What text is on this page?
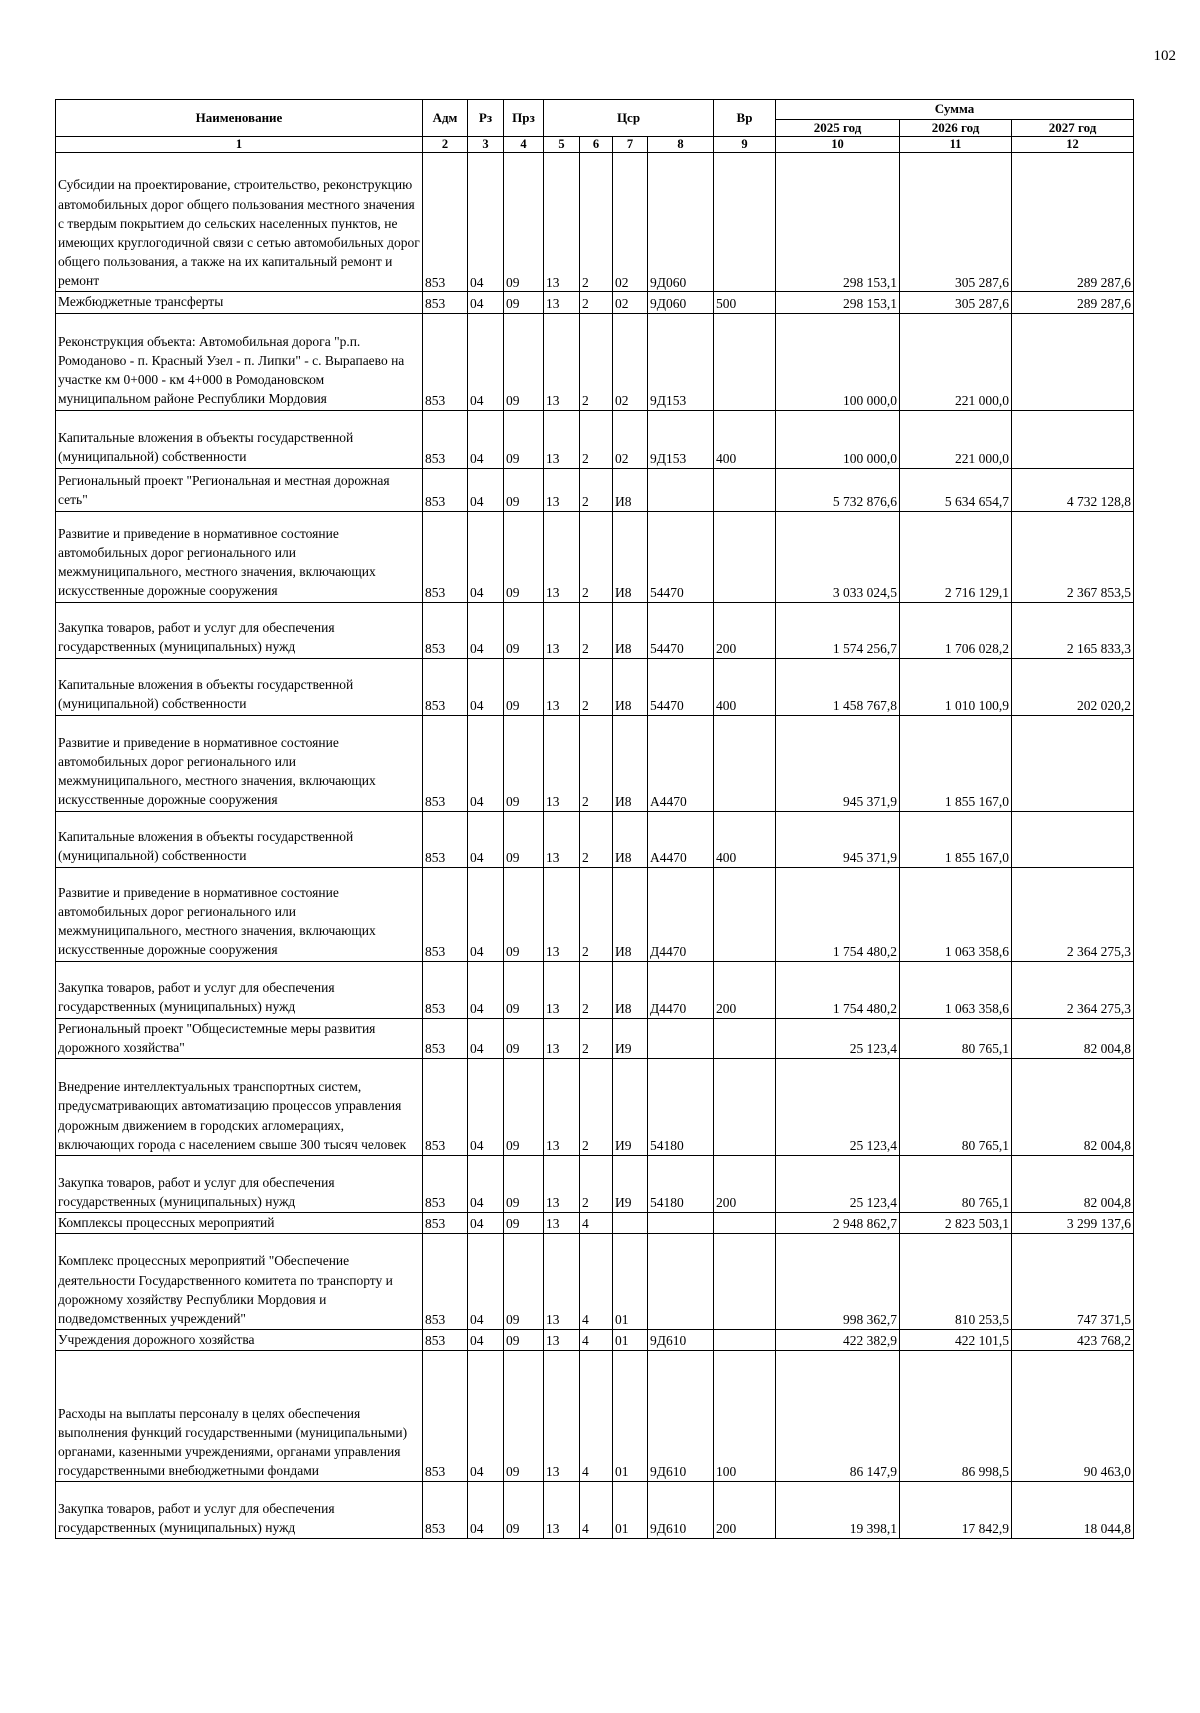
102
Наименование	Адм	Рз	Прз	Цср				Вр	Сумма		
									2025 год	2026 год	2027 год
1	2	3	4	5	6	7	8	9	10	11	12
Субсидии на проектирование, строительство, реконструкцию автомобильных дорог общего пользования местного значения с твердым покрытием до сельских населенных пунктов, не имеющих круглогодичной связи с сетью автомобильных дорог общего пользования, а также на их капитальный ремонт и ремонт	853	04	09	13	2	02	9Д060		298 153,1	305 287,6	289 287,6
Межбюджетные трансферты	853	04	09	13	2	02	9Д060	500	298 153,1	305 287,6	289 287,6
Реконструкция объекта: Автомобильная дорога "р.п. Ромоданово - п. Красный Узел - п. Липки" - с. Вырапаево на участке км 0+000 - км 4+000 в Ромодановском муниципальном районе Республики Мордовия	853	04	09	13	2	02	9Д153		100 000,0	221 000,0	
Капитальные вложения в объекты государственной (муниципальной) собственности	853	04	09	13	2	02	9Д153	400	100 000,0	221 000,0	
Региональный проект "Региональная и местная дорожная сеть"	853	04	09	13	2	И8			5 732 876,6	5 634 654,7	4 732 128,8
Развитие и приведение в нормативное состояние автомобильных дорог регионального или межмуниципального, местного значения, включающих искусственные дорожные сооружения	853	04	09	13	2	И8	54470		3 033 024,5	2 716 129,1	2 367 853,5
Закупка товаров, работ и услуг для обеспечения государственных (муниципальных) нужд	853	04	09	13	2	И8	54470	200	1 574 256,7	1 706 028,2	2 165 833,3
Капитальные вложения в объекты государственной (муниципальной) собственности	853	04	09	13	2	И8	54470	400	1 458 767,8	1 010 100,9	202 020,2
Развитие и приведение в нормативное состояние автомобильных дорог регионального или межмуниципального, местного значения, включающих искусственные дорожные сооружения	853	04	09	13	2	И8	А4470		945 371,9	1 855 167,0	
Капитальные вложения в объекты государственной (муниципальной) собственности	853	04	09	13	2	И8	А4470	400	945 371,9	1 855 167,0	
Развитие и приведение в нормативное состояние автомобильных дорог регионального или межмуниципального, местного значения, включающих искусственные дорожные сооружения	853	04	09	13	2	И8	Д4470		1 754 480,2	1 063 358,6	2 364 275,3
Закупка товаров, работ и услуг для обеспечения государственных (муниципальных) нужд	853	04	09	13	2	И8	Д4470	200	1 754 480,2	1 063 358,6	2 364 275,3
Региональный проект "Общесистемные меры развития дорожного хозяйства"	853	04	09	13	2	И9			25 123,4	80 765,1	82 004,8
Внедрение интеллектуальных транспортных систем, предусматривающих автоматизацию процессов управления дорожным движением в городских агломерациях, включающих города с населением свыше 300 тысяч человек	853	04	09	13	2	И9	54180		25 123,4	80 765,1	82 004,8
Закупка товаров, работ и услуг для обеспечения государственных (муниципальных) нужд	853	04	09	13	2	И9	54180	200	25 123,4	80 765,1	82 004,8
Комплексы процессных мероприятий	853	04	09	13	4				2 948 862,7	2 823 503,1	3 299 137,6
Комплекс процессных мероприятий "Обеспечение деятельности Государственного комитета по транспорту и дорожному хозяйству Республики Мордовия и подведомственных учреждений"	853	04	09	13	4	01			998 362,7	810 253,5	747 371,5
Учреждения дорожного хозяйства	853	04	09	13	4	01	9Д610		422 382,9	422 101,5	423 768,2
Расходы на выплаты персоналу в целях обеспечения выполнения функций государственными (муниципальными) органами, казенными учреждениями, органами управления государственными внебюджетными фондами	853	04	09	13	4	01	9Д610	100	86 147,9	86 998,5	90 463,0
Закупка товаров, работ и услуг для обеспечения государственных (муниципальных) нужд	853	04	09	13	4	01	9Д610	200	19 398,1	17 842,9	18 044,8
